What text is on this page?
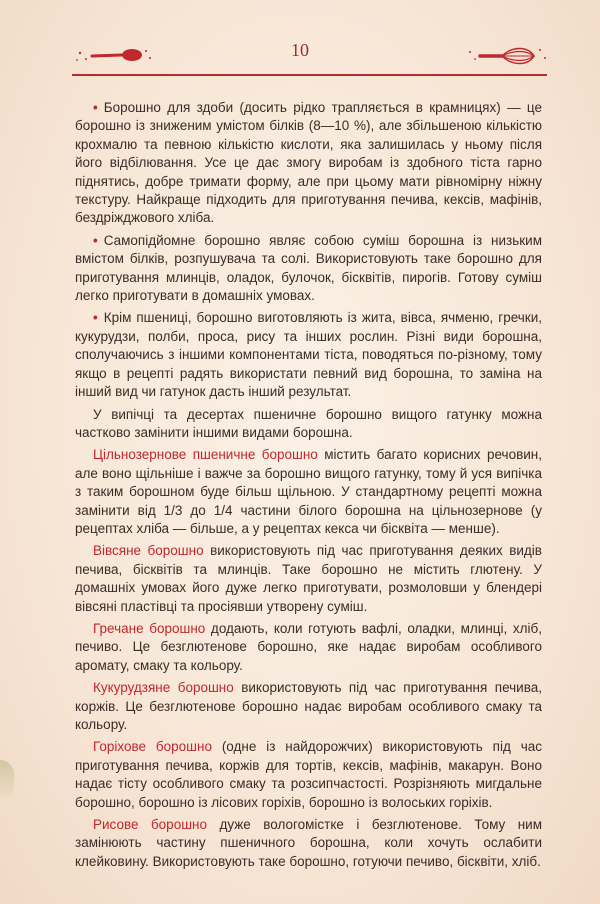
10

• Борошно для здоби (досить рідко трапляється в крамницях) — це борошно із зниженим умістом білків (8—10 %), але збільшеною кількістю крохмалю та певною кількістю кислоти, яка залишилась у ньому після його відбілювання. Усе це дає змогу виробам із здобного тіста гарно піднятись, добре тримати форму, але при цьому мати рівномірну ніжну текстуру. Найкраще підходить для приготування печива, кексів, мафінів, бездріжджового хліба.

• Самопідйомне борошно являє собою суміш борошна із низьким вмістом білків, розпушувача та солі. Використовують таке борошно для приготування млинців, оладок, булочок, бісквітів, пирогів. Готову суміш легко приготувати в домашніх умовах.

• Крім пшениці, борошно виготовляють із жита, вівса, ячменю, гречки, кукурудзи, полби, проса, рису та інших рослин. Різні види борошна, сполучаючись з іншими компонентами тіста, поводяться по-різному, тому якщо в рецепті радять використати певний вид борошна, то заміна на інший вид чи гатунок дасть інший результат.

У випічці та десертах пшеничне борошно вищого гатунку можна частково замінити іншими видами борошна.

Цільнозернове пшеничне борошно містить багато корисних речовин, але воно щільніше і важче за борошно вищого гатунку, тому й уся випічка з таким борошном буде більш щільною. У стандартному рецепті можна замінити від 1/3 до 1/4 частини білого борошна на цільнозернове (у рецептах хліба — більше, а у рецептах кекса чи бісквіта — менше).

Вівсяне борошно використовують під час приготування деяких видів печива, бісквітів та млинців. Таке борошно не містить глютену. У домашніх умовах його дуже легко приготувати, розмоловши у блендері вівсяні пластівці та просіявши утворену суміш.

Гречане борошно додають, коли готують вафлі, оладки, млинці, хліб, печиво. Це безглютенове борошно, яке надає виробам особливого аромату, смаку та кольору.

Кукурудзяне борошно використовують під час приготування печива, коржів. Це безглютенове борошно надає виробам особливого смаку та кольору.

Горіхове борошно (одне із найдорожчих) використовують під час приготування печива, коржів для тортів, кексів, мафінів, макарун. Воно надає тісту особливого смаку та розсипчастості. Розрізняють мигдальне борошно, борошно із лісових горіхів, борошно із волоських горіхів.

Рисове борошно дуже вологомістке і безглютенове. Тому ним замінюють частину пшеничного борошна, коли хочуть ослабити клейковину. Використовують таке борошно, готуючи печиво, бісквіти, хліб.
